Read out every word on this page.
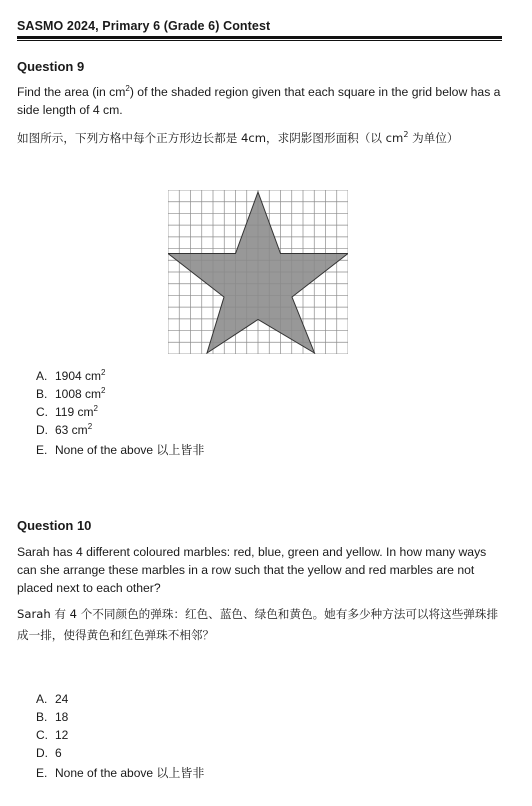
SASMO 2024, Primary 6 (Grade 6) Contest
Question 9
Find the area (in $cm^2$) of the shaded region given that each square in the grid below has a side length of 4 cm.
如图所示，下列方格中每个正方形边长都是 4cm，求阴影图形面积（以 $cm^2$ 为单位）
A. 1904 $cm^2$
B. 1008 $cm^2$
C. 119 $cm^2$
D. 63 $cm^2$
E. None of the above 以上皆非
Question 10
Sarah has 4 different coloured marbles: red, blue, green and yellow. In how many ways can she arrange these marbles in a row such that the yellow and red marbles are not placed next to each other?
Sarah 有 4 个不同颜色的弹珠：红色、蓝色、绿色和黄色。她有多少种方法可以将这些弹珠排成一排，使得黄色和红色弹珠不相邻？
A. 24
B. 18
C. 12
D. 6
E. None of the above 以上皆非
